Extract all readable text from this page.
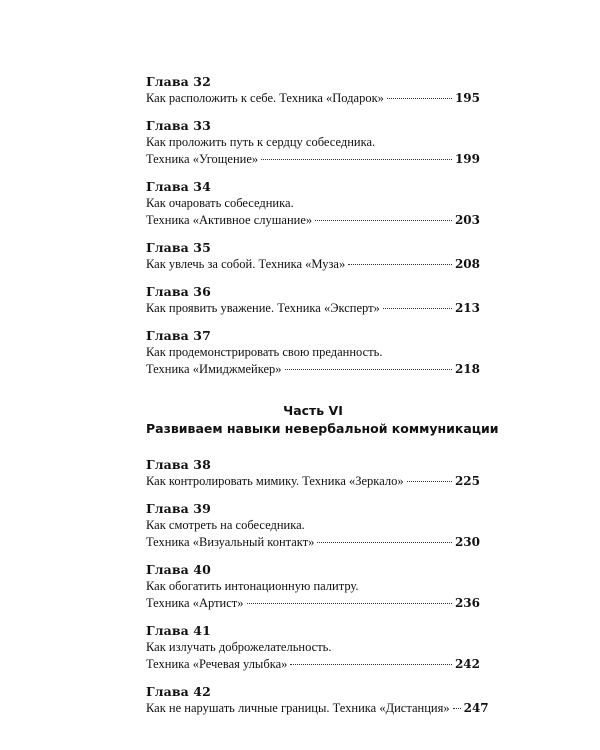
Глава 32
Как расположить к себе. Техника «Подарок»	195
Глава 33
Как проложить путь к сердцу собеседника.
Техника «Угощение»	199
Глава 34
Как очаровать собеседника.
Техника «Активное слушание»	203
Глава 35
Как увлечь за собой. Техника «Муза»	208
Глава 36
Как проявить уважение. Техника «Эксперт»	213
Глава 37
Как продемонстрировать свою преданность.
Техника «Имиджмейкер»	218
Часть VI
Развиваем навыки невербальной коммуникации
Глава 38
Как контролировать мимику. Техника «Зеркало»	225
Глава 39
Как смотреть на собеседника.
Техника «Визуальный контакт»	230
Глава 40
Как обогатить интонационную палитру.
Техника «Артист»	236
Глава 41
Как излучать доброжелательность.
Техника «Речевая улыбка»	242
Глава 42
Как не нарушать личные границы. Техника «Дистанция» 247
